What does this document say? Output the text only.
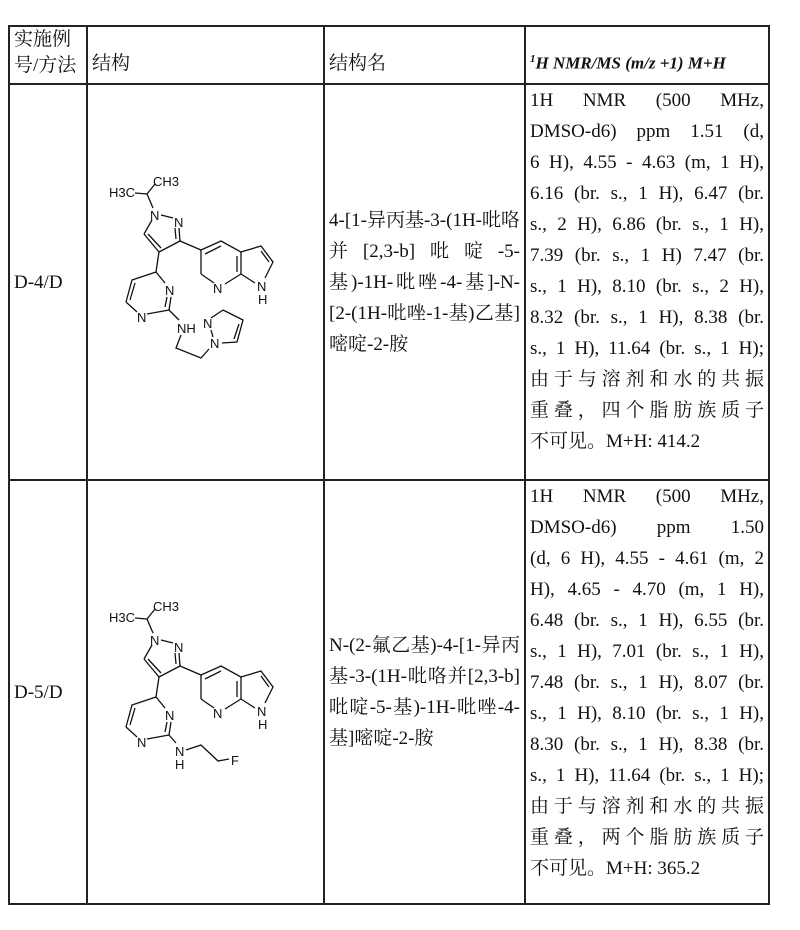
实施例
号/方法	结构	结构名	1H NMR/MS (m/z +1) M+H
D-4/D	
H3C
CH3
N N
N
N
NH
N
N
N	N
H
	4-[1-异丙基-3-(1H-吡咯并[2,3-b]吡啶-5-基)-1H-吡唑-4-基]-N-[2-(1H-吡唑-1-基)乙基]嘧啶-2-胺	
1H NMR (500 MHz,
DMSO-d6) ppm 1.51 (d,
6 H), 4.55 - 4.63 (m, 1 H),
6.16 (br. s., 1 H), 6.47 (br.
s., 2 H), 6.86 (br. s., 1 H),
7.39 (br. s., 1 H) 7.47 (br.
s., 1 H), 8.10 (br. s., 2 H),
8.32 (br. s., 1 H), 8.38 (br.
s., 1 H), 11.64 (br. s., 1 H);
由于与溶剂和水的共振
重叠，四个脂肪族质子
不可见。M+H: 414.2

D-5/D	
H3C
CH3
N N
N
N
N
H	F
N	N
H
	N-(2-氟乙基)-4-[1-异丙基-3-(1H-吡咯并[2,3-b]吡啶-5-基)-1H-吡唑-4-基]嘧啶-2-胺	
1H NMR (500 MHz,
DMSO-d6) ppm 1.50
(d, 6 H), 4.55 - 4.61 (m, 2
H), 4.65 - 4.70 (m, 1 H),
6.48 (br. s., 1 H), 6.55 (br.
s., 1 H), 7.01 (br. s., 1 H),
7.48 (br. s., 1 H), 8.07 (br.
s., 1 H), 8.10 (br. s., 1 H),
8.30 (br. s., 1 H), 8.38 (br.
s., 1 H), 11.64 (br. s., 1 H);
由于与溶剂和水的共振
重叠，两个脂肪族质子
不可见。M+H: 365.2
